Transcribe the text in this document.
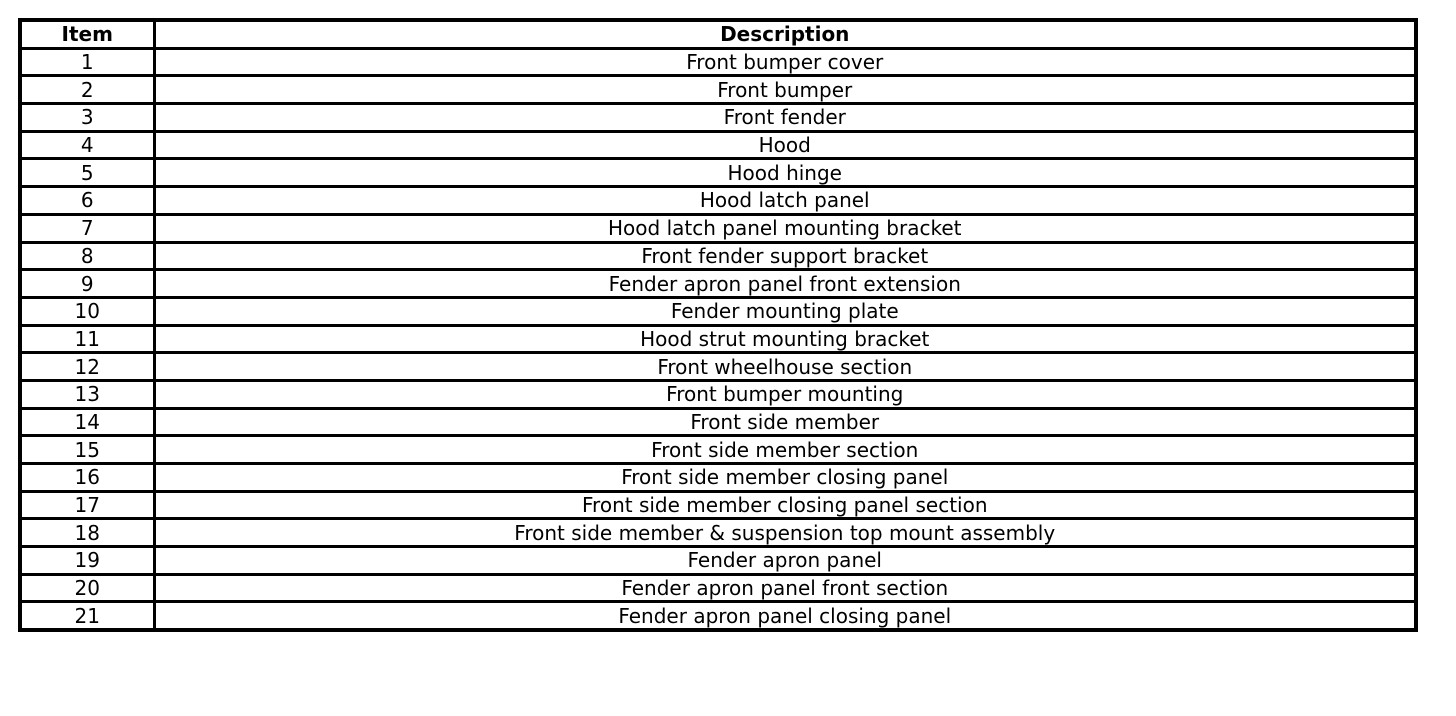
Item	Description
1	Front bumper cover
2	Front bumper
3	Front fender
4	Hood
5	Hood hinge
6	Hood latch panel
7	Hood latch panel mounting bracket
8	Front fender support bracket
9	Fender apron panel front extension
10	Fender mounting plate
11	Hood strut mounting bracket
12	Front wheelhouse section
13	Front bumper mounting
14	Front side member
15	Front side member section
16	Front side member closing panel
17	Front side member closing panel section
18	Front side member & suspension top mount assembly
19	Fender apron panel
20	Fender apron panel front section
21	Fender apron panel closing panel
